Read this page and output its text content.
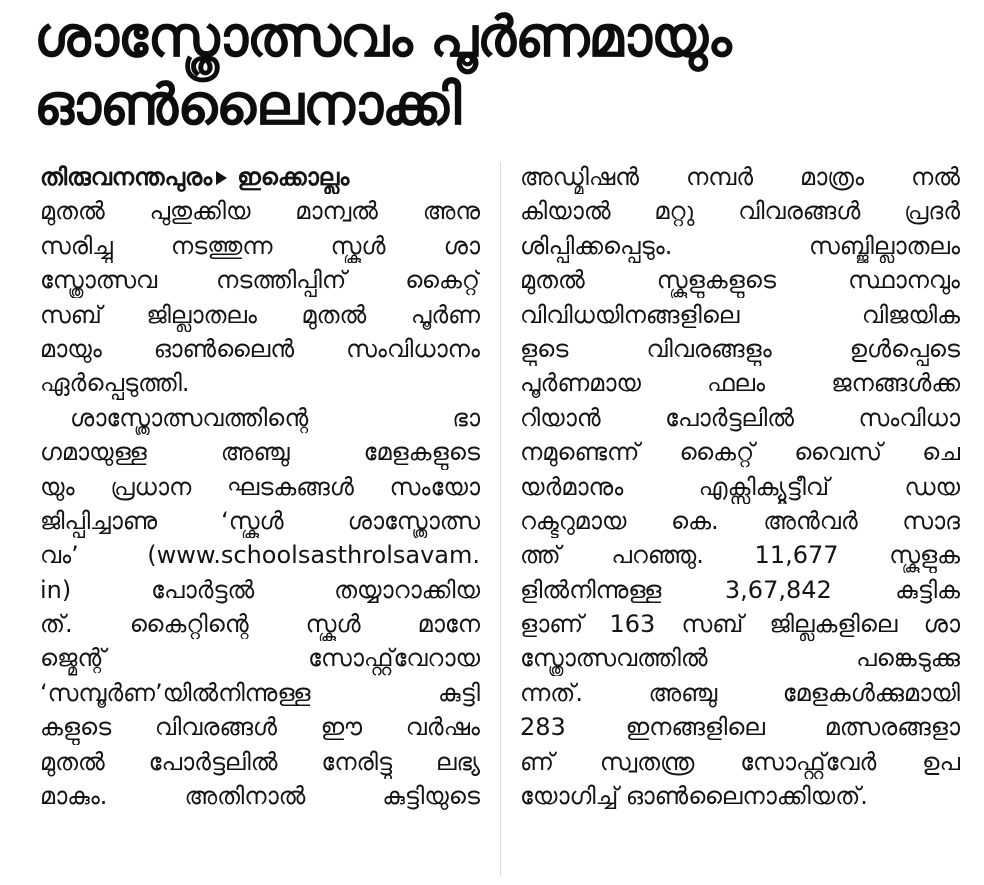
ശാസ്ത്രോത്സവം പൂർണമായും
ഓൺലൈനാക്കി
തിരുവനന്തപുരം ഇക്കൊല്ലം
മുതൽ പുതുക്കിയ മാന്വൽ അനു
സരിച്ചു നടത്തുന്ന സ്കൂൾ ശാ
സ്ത്രോത്സവ നടത്തിപ്പിന് കൈറ്റ്
സബ് ജില്ലാതലം മുതൽ പൂർണ
മായും ഓൺലൈൻ സംവിധാനം
ഏർപ്പെടുത്തി.
ശാസ്ത്രോത്സവത്തിന്റെ ഭാ
ഗമായുള്ള അഞ്ചു മേളകളുടെ
യും പ്രധാന ഘടകങ്ങൾ സംയോ
ജിപ്പിച്ചാണു ‘സ്കൂൾ ശാസ്ത്രോത്സ
വം’ (www.schoolsasthrolsavam.
in) പോർട്ടൽ തയ്യാറാക്കിയ
ത്. കൈറ്റിന്റെ സ്കൂൾ മാനേ
ജ്മെന്റ് സോഫ്റ്റ്‌വേറായ
‘സമ്പൂർണ’യിൽനിന്നുള്ള കുട്ടി
കളുടെ വിവരങ്ങൾ ഈ വർഷം
മുതൽ പോർട്ടലിൽ നേരിട്ടു ലഭ്യ
മാകും. അതിനാൽ കുട്ടിയുടെ
അഡ്മിഷൻ നമ്പർ മാത്രം നൽ
കിയാൽ മറ്റു വിവരങ്ങൾ പ്രദർ
ശിപ്പിക്കപ്പെടും. സബ്ജില്ലാതലം
മുതൽ സ്കൂളുകളുടെ സ്ഥാനവും
വിവിധയിനങ്ങളിലെ വിജയിക
ളുടെ വിവരങ്ങളും ഉൾപ്പെടെ
പൂർണമായ ഫലം ജനങ്ങൾക്ക
റിയാൻ പോർട്ടലിൽ സംവിധാ
നമുണ്ടെന്ന് കൈറ്റ് വൈസ് ചെ
യർമാനും എക്സിക്യൂട്ടീവ് ഡയ
റക്ടറുമായ കെ. അൻവർ സാദ
ത്ത് പറഞ്ഞു. 11,677 സ്കൂളുക
ളിൽനിന്നുള്ള 3,67,842 കുട്ടിക
ളാണ് 163 സബ് ജില്ലകളിലെ ശാ
സ്ത്രോത്സവത്തിൽ പങ്കെടുക്കു
ന്നത്. അഞ്ചു മേളകൾക്കുമായി
283 ഇനങ്ങളിലെ മത്സരങ്ങളാ
ണ് സ്വതന്ത്ര സോഫ്റ്റ്‌വേർ ഉപ
യോഗിച്ച് ഓൺലൈനാക്കിയത്.
